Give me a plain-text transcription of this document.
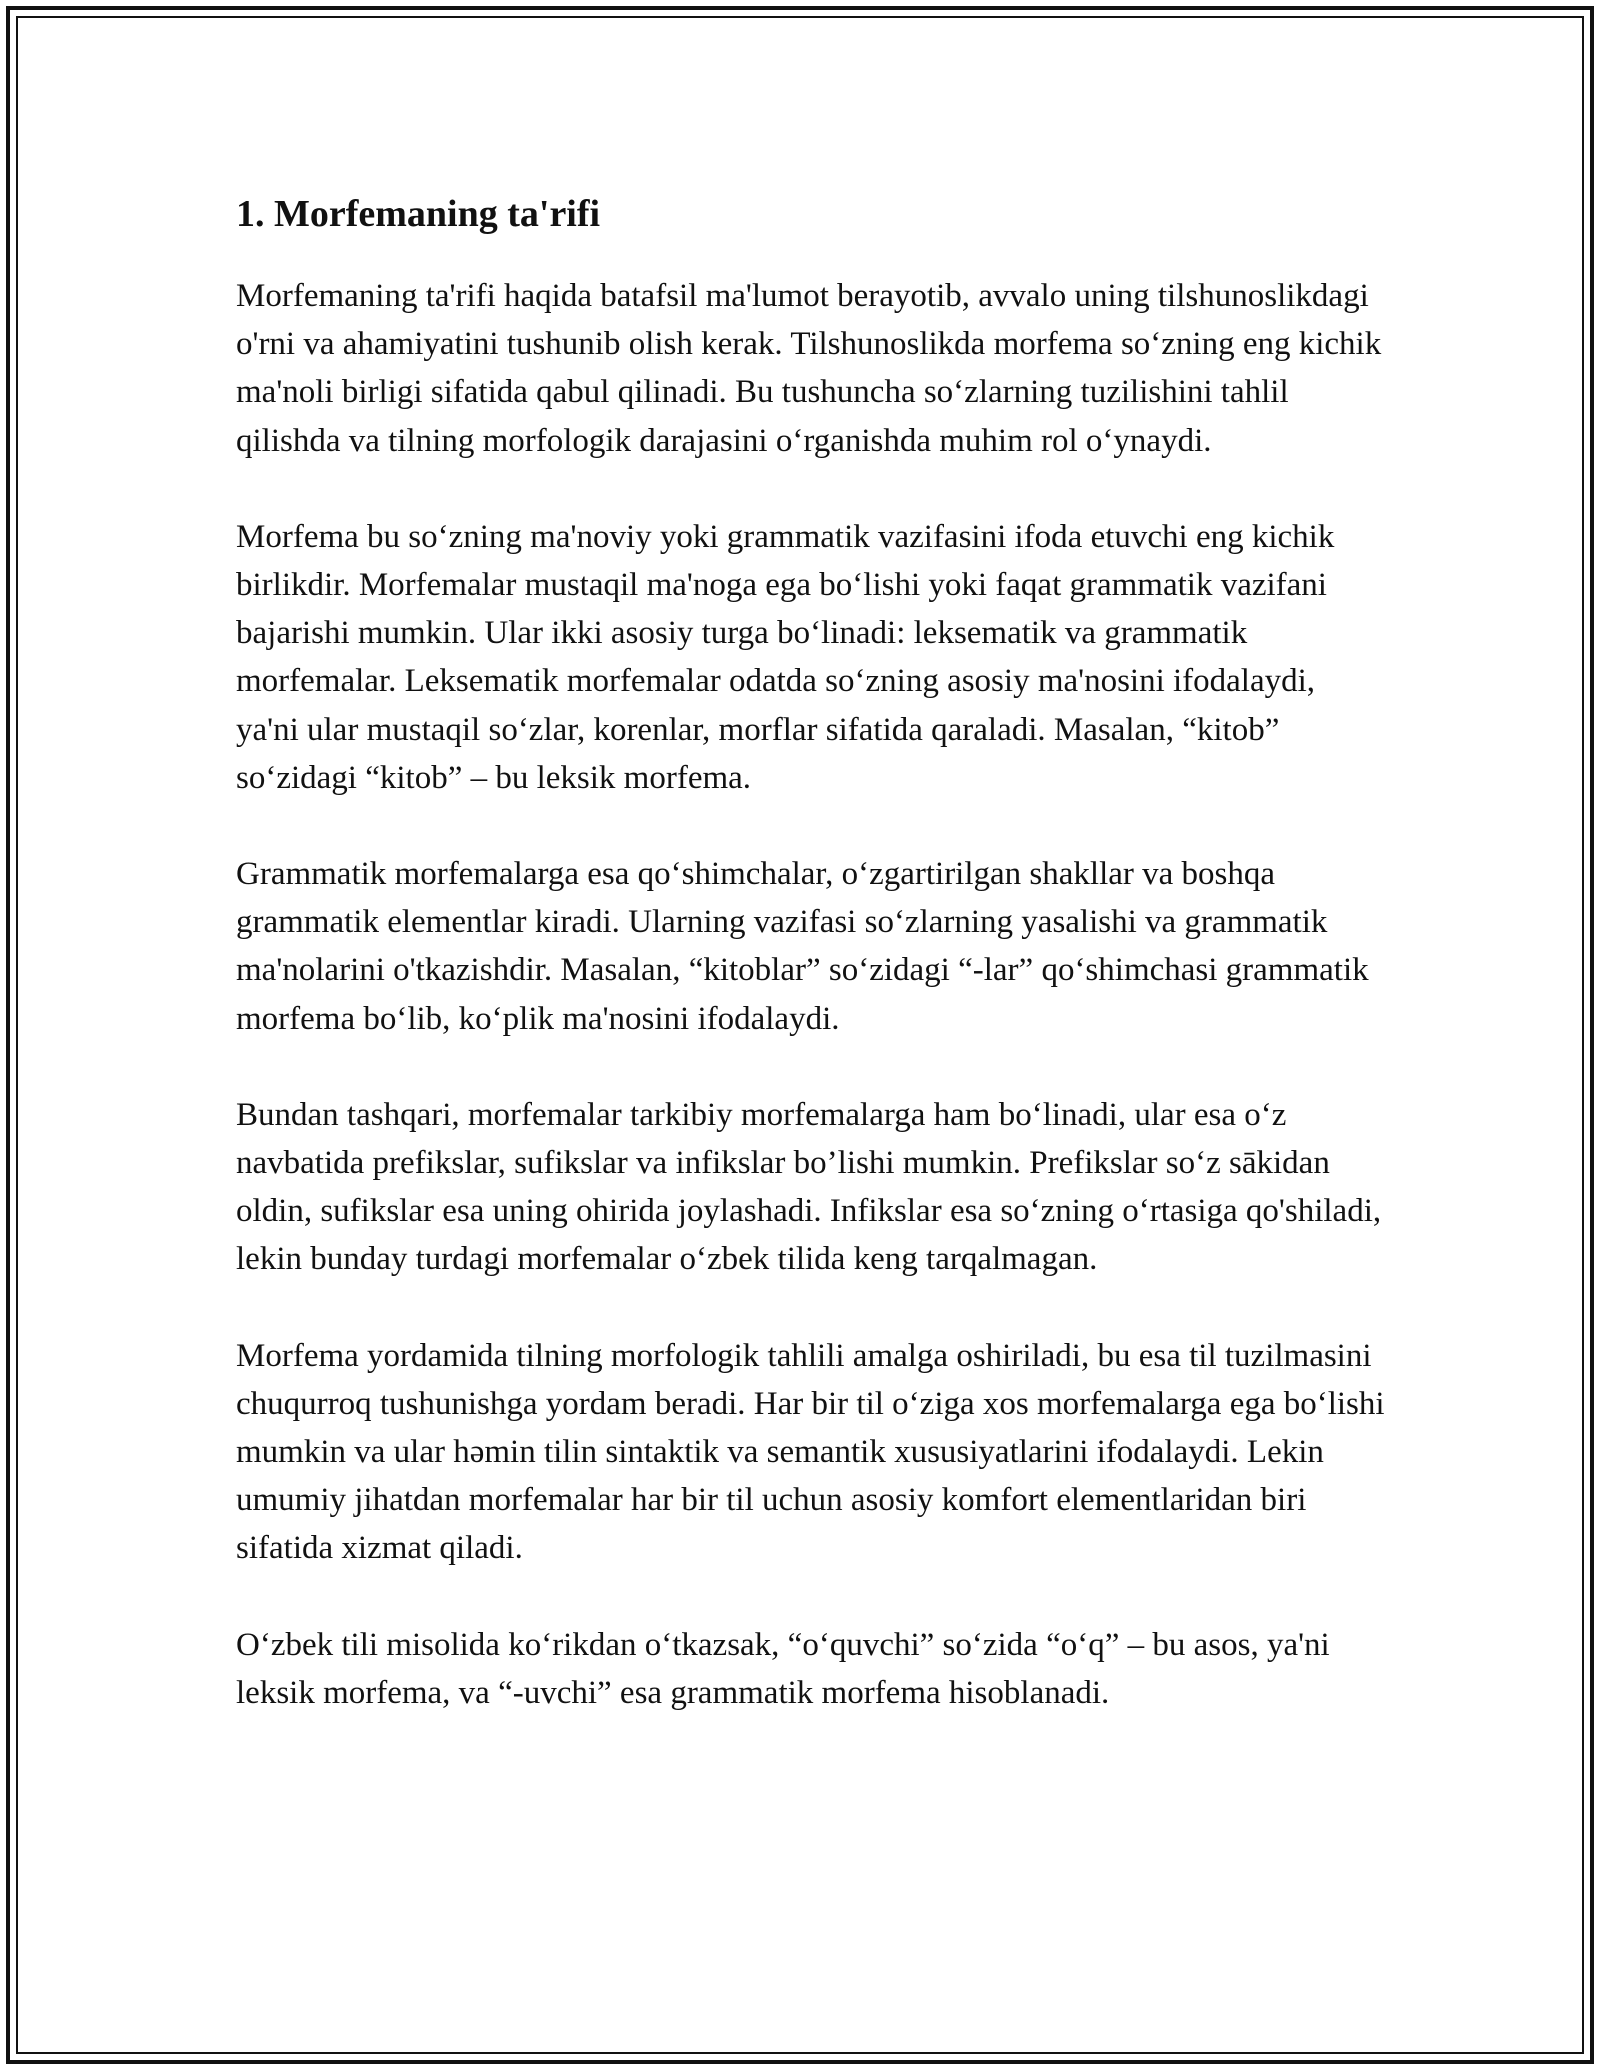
1. Morfemaning ta'rifi

Morfemaning ta'rifi haqida batafsil ma'lumot berayotib, avvalo uning tilshunoslikdagi o'rni va ahamiyatini tushunib olish kerak. Tilshunoslikda morfema so‘zning eng kichik ma'noli birligi sifatida qabul qilinadi. Bu tushuncha so‘zlarning tuzilishini tahlil qilishda va tilning morfologik darajasini o‘rganishda muhim rol o‘ynaydi.

Morfema bu so‘zning ma'noviy yoki grammatik vazifasini ifoda etuvchi eng kichik birlikdir. Morfemalar mustaqil ma'noga ega bo‘lishi yoki faqat grammatik vazifani bajarishi mumkin. Ular ikki asosiy turga bo‘linadi: leksematik va grammatik morfemalar. Leksematik morfemalar odatda so‘zning asosiy ma'nosini ifodalaydi, ya'ni ular mustaqil so‘zlar, korenlar, morflar sifatida qaraladi. Masalan, “kitob” so‘zidagi “kitob” – bu leksik morfema.

Grammatik morfemalarga esa qo‘shimchalar, o‘zgartirilgan shakllar va boshqa grammatik elementlar kiradi. Ularning vazifasi so‘zlarning yasalishi va grammatik ma'nolarini o'tkazishdir. Masalan, “kitoblar” so‘zidagi “-lar” qo‘shimchasi grammatik morfema bo‘lib, ko‘plik ma'nosini ifodalaydi.

Bundan tashqari, morfemalar tarkibiy morfemalarga ham bo‘linadi, ular esa o‘z navbatida prefikslar, sufikslar va infikslar bo’lishi mumkin. Prefikslar so‘z sākidan oldin, sufikslar esa uning ohirida joylashadi. Infikslar esa so‘zning o‘rtasiga qo'shiladi, lekin bunday turdagi morfemalar o‘zbek tilida keng tarqalmagan.

Morfema yordamida tilning morfologik tahlili amalga oshiriladi, bu esa til tuzilmasini chuqurroq tushunishga yordam beradi. Har bir til o‘ziga xos morfemalarga ega bo‘lishi mumkin va ular həmin tilin sintaktik va semantik xususiyatlarini ifodalaydi. Lekin umumiy jihatdan morfemalar har bir til uchun asosiy komfort elementlaridan biri sifatida xizmat qiladi.

O‘zbek tili misolida ko‘rikdan o‘tkazsak, “o‘quvchi” so‘zida “o‘q” – bu asos, ya'ni leksik morfema, va “-uvchi” esa grammatik morfema hisoblanadi.
